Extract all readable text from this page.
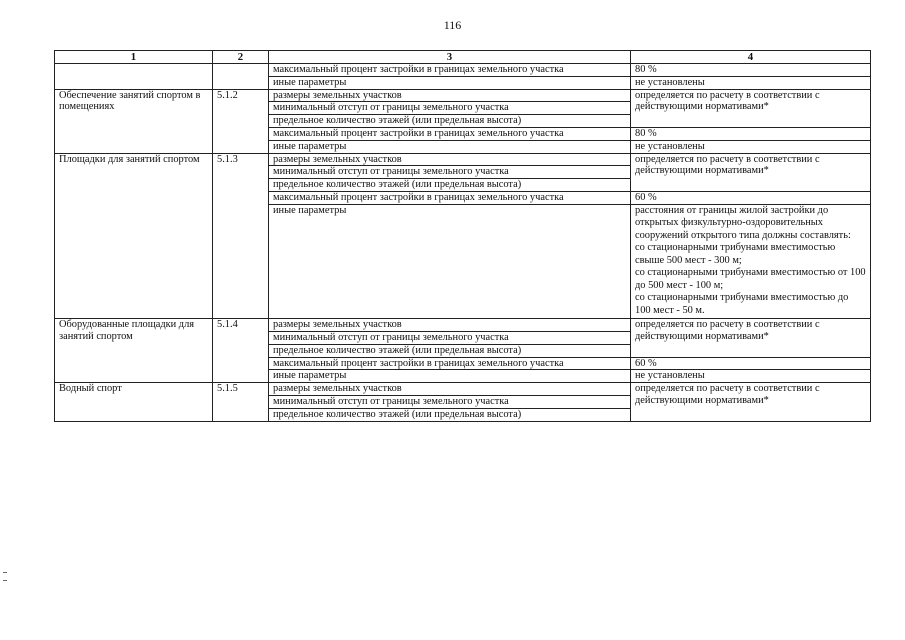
116
1	2	3	4
		максимальный процент застройки в границах земельного участка	80 %
		иные параметры	не установлены
Обеспечение занятий спортом в помещениях	5.1.2	размеры земельных участков	определяется по расчету в соответствии с действующими нормативами*
		минимальный отступ от границы земельного участка	
		предельное количество этажей (или предельная высота)	
		максимальный процент застройки в границах земельного участка	80 %
		иные параметры	не установлены
Площадки для занятий спортом	5.1.3	размеры земельных участков	определяется по расчету в соответствии с действующими нормативами*
		минимальный отступ от границы земельного участка	
		предельное количество этажей (или предельная высота)	
		максимальный процент застройки в границах земельного участка	60 %
		иные параметры	расстояния от границы жилой застройки до открытых физкультурно-оздоровительных сооружений открытого типа должны составлять:
со стационарными трибунами вместимостью свыше 500 мест - 300 м;
со стационарными трибунами вместимостью от 100 до 500 мест - 100 м;
со стационарными трибунами вместимостью до 100 мест - 50 м.
Оборудованные площадки для занятий спортом	5.1.4	размеры земельных участков	определяется по расчету в соответствии с действующими нормативами*
		минимальный отступ от границы земельного участка	
		предельное количество этажей (или предельная высота)	
		максимальный процент застройки в границах земельного участка	60 %
		иные параметры	не установлены
Водный спорт	5.1.5	размеры земельных участков	определяется по расчету в соответствии с действующими нормативами*
		минимальный отступ от границы земельного участка	
		предельное количество этажей (или предельная высота)	
